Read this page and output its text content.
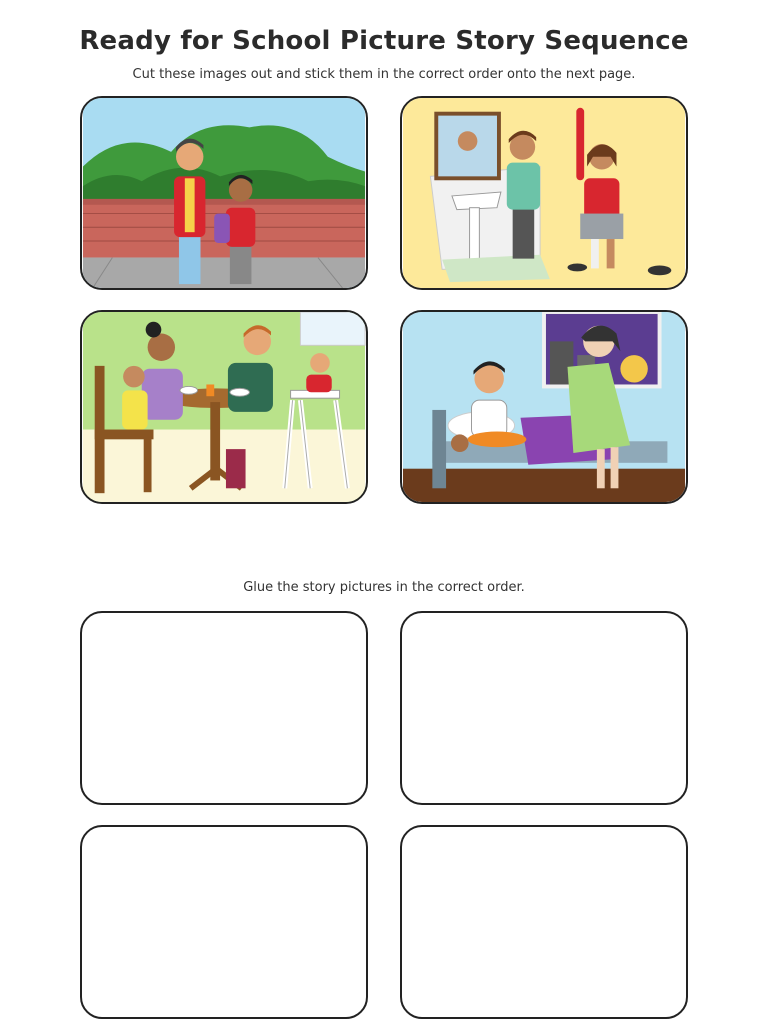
Ready for School Picture Story Sequence
Cut these images out and stick them in the correct order onto the next page.
Glue the story pictures in the correct order.
